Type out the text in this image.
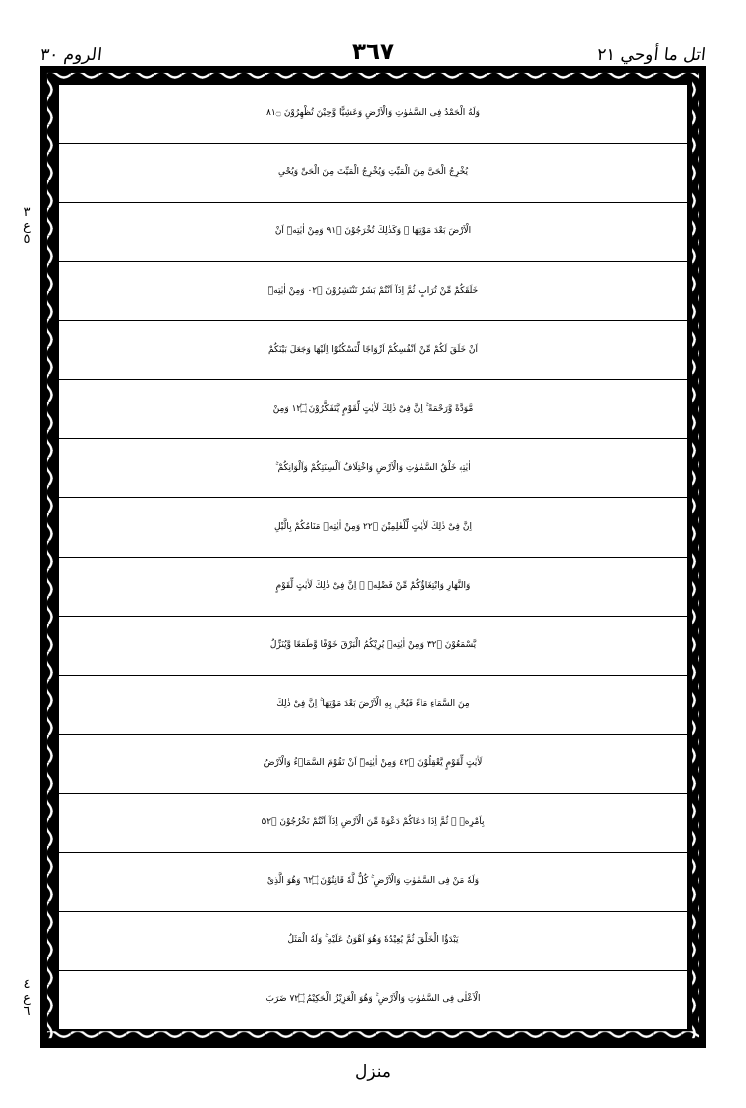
الروم ٣٠	٣٦٧	اتل ما أوحي ٢١
وَلَهُ الْحَمْدُ فِى السَّمٰوٰتِ وَالْاَرْضِ وَعَشِيًّا وَّحِيْنَ تُظْهِرُوْنَ ۝١٨
يُخْرِجُ الْحَىَّ مِنَ الْمَيِّتِ وَيُخْرِجُ الْمَيِّتَ مِنَ الْحَىِّ وَيُحْىِ
الْاَرْضَ بَعْدَ مَوْتِهَا ۚ وَكَذٰلِكَ تُخْرَجُوْنَ ۝١٩ وَمِنْ اٰيٰتِهٖٓ اَنْ
خَلَقَكُمْ مِّنْ تُرَابٍ ثُمَّ اِذَآ اَنْتُمْ بَشَرٌ تَنْتَشِرُوْنَ ۝٢٠ وَمِنْ اٰيٰتِهٖٓ
اَنْ خَلَقَ لَكُمْ مِّنْ اَنْفُسِكُمْ اَزْوَاجًا لِّتَسْكُنُوْٓا اِلَيْهَا وَجَعَلَ بَيْنَكُمْ
مَّوَدَّةً وَّرَحْمَةً ۚ اِنَّ فِىْ ذٰلِكَ لَاٰيٰتٍ لِّقَوْمٍ يَّتَفَكَّرُوْنَ ۝٢١ وَمِنْ
اٰيٰتِهٖ خَلْقُ السَّمٰوٰتِ وَالْاَرْضِ وَاخْتِلَافُ اَلْسِنَتِكُمْ وَاَلْوَانِكُمْ ۚ
اِنَّ فِىْ ذٰلِكَ لَاٰيٰتٍ لِّلْعٰلِمِيْنَ ۝٢٢ وَمِنْ اٰيٰتِهٖ مَنَامُكُمْ بِالَّيْلِ
وَالنَّهَارِ وَابْتِغَاؤُكُمْ مِّنْ فَضْلِهٖ ۚ اِنَّ فِىْ ذٰلِكَ لَاٰيٰتٍ لِّقَوْمٍ
يَّسْمَعُوْنَ ۝٢٣ وَمِنْ اٰيٰتِهٖ يُرِيْكُمُ الْبَرْقَ خَوْفًا وَّطَمَعًا وَّيُنَزِّلُ
مِنَ السَّمَاۤءِ مَاۤءً فَيُحْىٖ بِهِ الْاَرْضَ بَعْدَ مَوْتِهَا ۚ اِنَّ فِىْ ذٰلِكَ
لَاٰيٰتٍ لِّقَوْمٍ يَّعْقِلُوْنَ ۝٢٤ وَمِنْ اٰيٰتِهٖٓ اَنْ تَقُوْمَ السَّمَاۤءُ وَالْاَرْضُ
بِاَمْرِهٖ ۚ ثُمَّ اِذَا دَعَاكُمْ دَعْوَةً مِّنَ الْاَرْضِ اِذَآ اَنْتُمْ تَخْرُجُوْنَ ۝٢٥
وَلَهٗ مَنْ فِى السَّمٰوٰتِ وَالْاَرْضِ ۚ كُلٌّ لَّهٗ قَانِتُوْنَ ۝٢٦ وَهُوَ الَّذِىْ
يَبْدَؤُا الْخَلْقَ ثُمَّ يُعِيْدُهٗ وَهُوَ اَهْوَنُ عَلَيْهِ ۚ وَلَهُ الْمَثَلُ
الْاَعْلٰى فِى السَّمٰوٰتِ وَالْاَرْضِ ۚ وَهُوَ الْعَزِيْزُ الْحَكِيْمُ ۝٢٧ ضَرَبَ
٣
ع
٥
٤
ع
٦
منزل
